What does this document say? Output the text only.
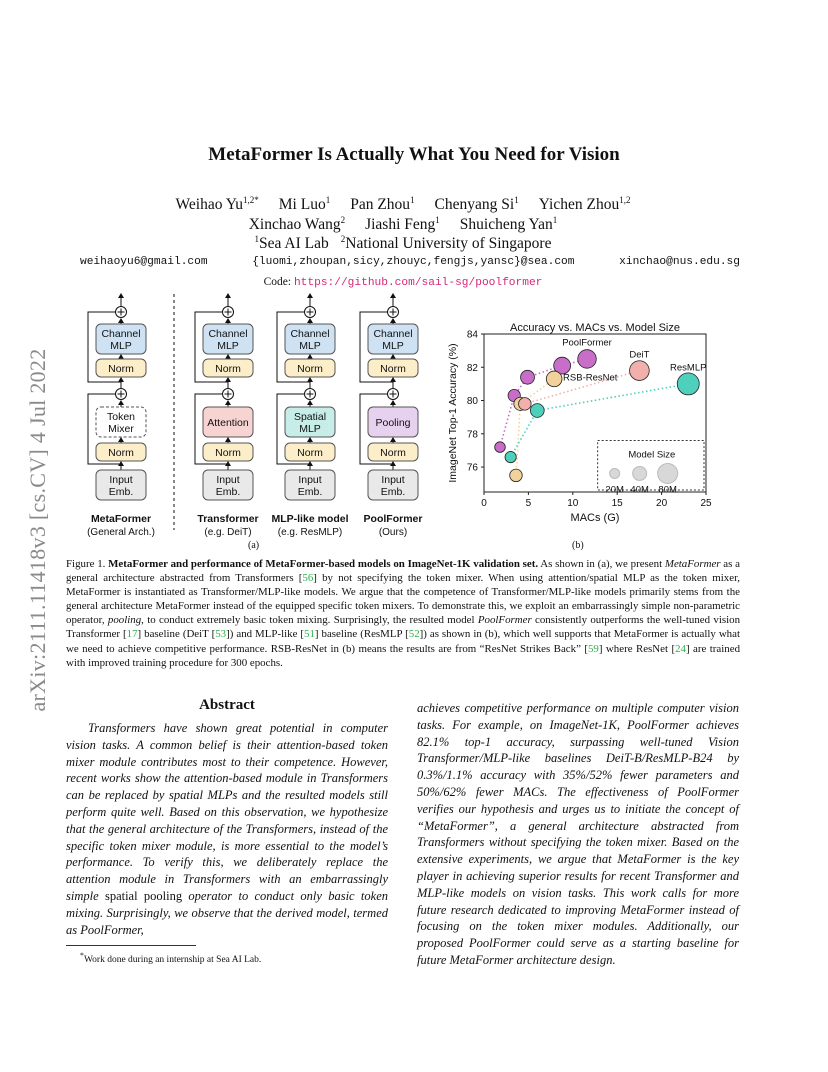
arXiv:2111.11418v3 [cs.CV] 4 Jul 2022
MetaFormer Is Actually What You Need for Vision
Weihao $Yu^{1,2*}$ Mi Luo$^1$ Pan Zhou$^1$ Chenyang Si$^1$ Yichen Zhou$^{1,2}$
Xinchao Wang$^2$ Jiashi Feng$^1$ Shuicheng Yan$^1$
$^1$Sea AI Lab $^2$National University of Singapore
weihaoyu6@gmail.com	{luomi,zhoupan,sicy,zhouyc,fengjs,yansc}@sea.com	xinchao@nus.edu.sg
Code: https://github.com/sail-sg/poolformer
Channel
MLP
Norm
Token
Mixer
Norm
Input
Emb.
MetaFormer
(General Arch.)
Channel
MLP
Norm
Attention
Norm
Input
Emb.
Transformer
(e.g. DeiT)
Channel
MLP
Norm
Spatial
MLP
Norm
Input
Emb.
MLP-like model
(e.g. ResMLP)
Channel
MLP
Norm
Pooling
Norm
Input
Emb.
PoolFormer
(Ours)
(a)
Accuracy vs. MACs vs. Model Size
0	5	10	15	20	25
76
78
80
82
84
MACs (G)
ImageNet Top-1 Accuracy (%)	Model Size
20M 40M 80M
PoolFormer
RSB-ResNet
DeiT
ResMLP
(b)
Figure 1. MetaFormer and performance of MetaFormer-based models on ImageNet-1K validation set. As shown in (a), we present MetaFormer as a general architecture abstracted from Transformers [56] by not specifying the token mixer. When using attention/spatial MLP as the token mixer, MetaFormer is instantiated as Transformer/MLP-like models. We argue that the competence of Transformer/MLP-like models primarily stems from the general architecture MetaFormer instead of the equipped specific token mixers. To demonstrate this, we exploit an embarrassingly simple non-parametric operator, pooling, to conduct extremely basic token mixing. Surprisingly, the resulted model PoolFormer consistently outperforms the well-tuned vision Transformer [17] baseline (DeiT [53]) and MLP-like [51] baseline (ResMLP [52]) as shown in (b), which well supports that MetaFormer is actually what we need to achieve competitive performance. RSB-ResNet in (b) means the results are from “ResNet Strikes Back” [59] where ResNet [24] are trained with improved training procedure for 300 epochs.
Abstract
Transformers have shown great potential in computer vision tasks. A common belief is their attention-based token mixer module contributes most to their competence. However, recent works show the attention-based module in Transformers can be replaced by spatial MLPs and the resulted models still perform quite well. Based on this observation, we hypothesize that the general architecture of the Transformers, instead of the specific token mixer module, is more essential to the model’s performance. To verify this, we deliberately replace the attention module in Transformers with an embarrassingly simple spatial pooling operator to conduct only basic token mixing. Surprisingly, we observe that the derived model, termed as PoolFormer,
achieves competitive performance on multiple computer vision tasks. For example, on ImageNet-1K, PoolFormer achieves 82.1% top-1 accuracy, surpassing well-tuned Vision Transformer/MLP-like baselines DeiT-B/ResMLP-B24 by 0.3%/1.1% accuracy with 35%/52% fewer parameters and 50%/62% fewer MACs. The effectiveness of PoolFormer verifies our hypothesis and urges us to initiate the concept of “MetaFormer”, a general architecture abstracted from Transformers without specifying the token mixer. Based on the extensive experiments, we argue that MetaFormer is the key player in achieving superior results for recent Transformer and MLP-like models on vision tasks. This work calls for more future research dedicated to improving MetaFormer instead of focusing on the token mixer modules. Additionally, our proposed PoolFormer could serve as a starting baseline for future MetaFormer architecture design.
*Work done during an internship at Sea AI Lab.
